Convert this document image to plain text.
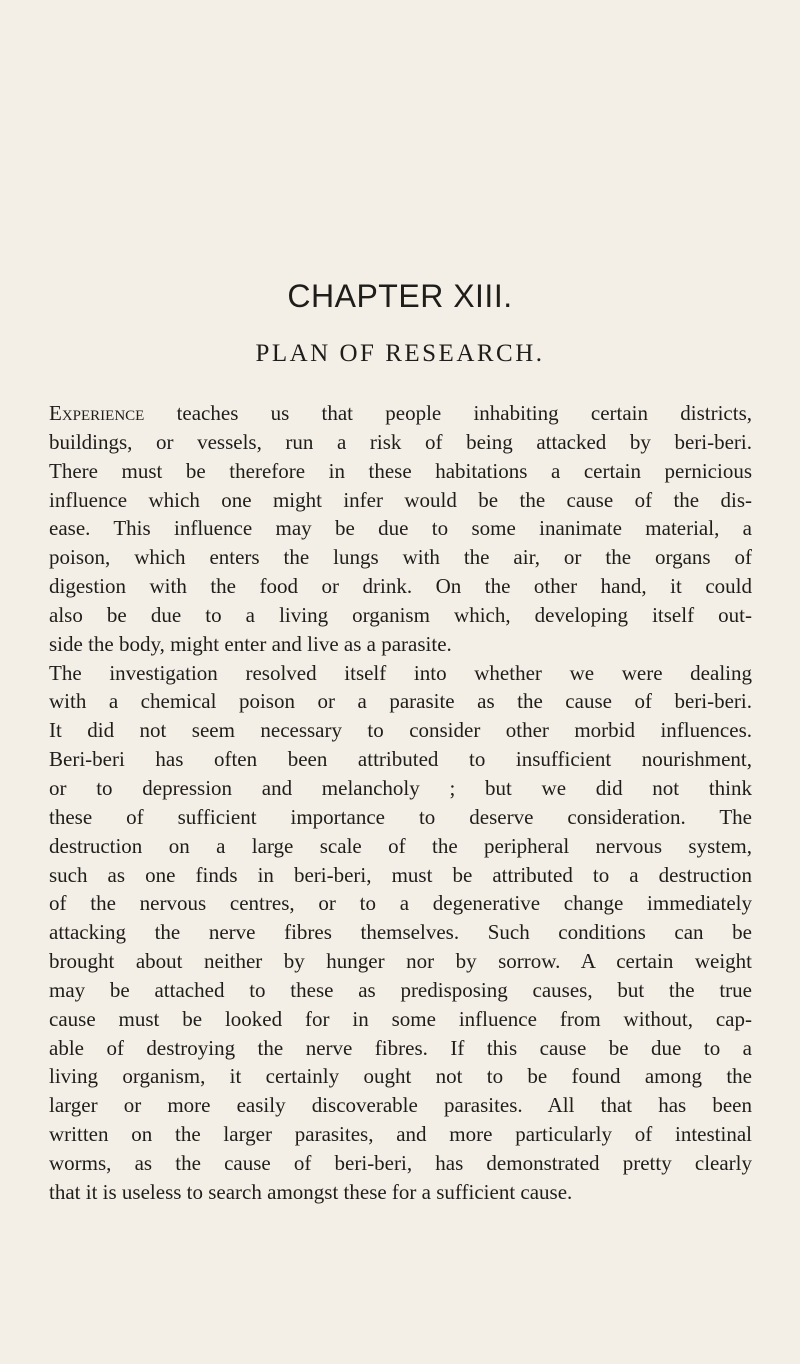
CHAPTER XIII.
PLAN OF RESEARCH.
Experience teaches us that people inhabiting certain districts,
buildings, or vessels, run a risk of being attacked by beri-beri.
There must be therefore in these habitations a certain pernicious
influence which one might infer would be the cause of the dis-
ease. This influence may be due to some inanimate material, a
poison, which enters the lungs with the air, or the organs of
digestion with the food or drink. On the other hand, it could
also be due to a living organism which, developing itself out-
side the body, might enter and live as a parasite.
The investigation resolved itself into whether we were dealing
with a chemical poison or a parasite as the cause of beri-beri.
It did not seem necessary to consider other morbid influences.
Beri-beri has often been attributed to insufficient nourishment,
or to depression and melancholy ; but we did not think
these of sufficient importance to deserve consideration. The
destruction on a large scale of the peripheral nervous system,
such as one finds in beri-beri, must be attributed to a destruction
of the nervous centres, or to a degenerative change immediately
attacking the nerve fibres themselves. Such conditions can be
brought about neither by hunger nor by sorrow. A certain weight
may be attached to these as predisposing causes, but the true
cause must be looked for in some influence from without, cap-
able of destroying the nerve fibres. If this cause be due to a
living organism, it certainly ought not to be found among the
larger or more easily discoverable parasites. All that has been
written on the larger parasites, and more particularly of intestinal
worms, as the cause of beri-beri, has demonstrated pretty clearly
that it is useless to search amongst these for a sufficient cause.
